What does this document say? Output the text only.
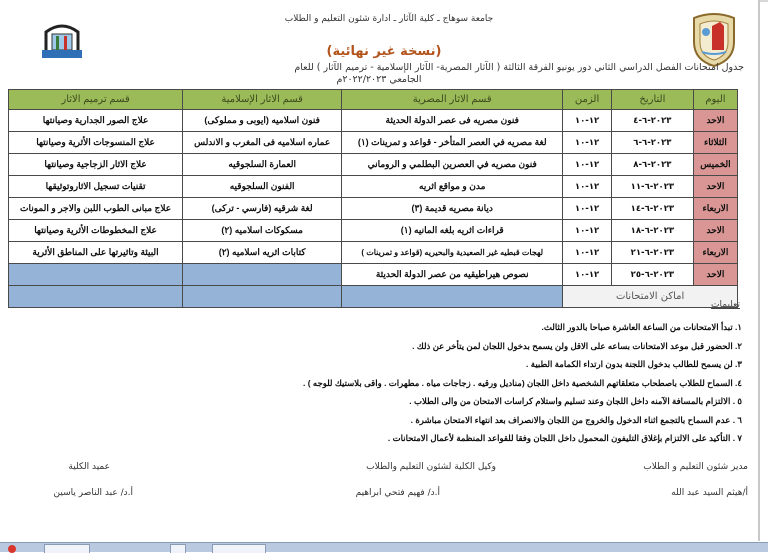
جامعة سوهاج ـ كلية الآثار ـ ادارة شئون التعليم و الطلاب
(نسخة غير نهائية)
جدول امتحانات الفصل الدراسي الثاني دور يونيو الفرقة الثالثة ( الآثار المصرية- الآثار الإسلامية - ترميم الآثار ) للعام
الجامعي ٢٠٢٢/٢٠٢٣م
اليوم	التاريخ	الزمن	قسم الاثار المصرية	قسم الاثار الإسلامية	قسم ترميم الاثار
الاحد	٢٠٢٣-٦-٤	١٢-١٠	فنون مصريه فى عصر الدولة الحديثة	فنون اسلاميه (ايوبى و مملوكى)	علاج الصور الجدارية وصيانتها
الثلاثاء	٢٠٢٣-٦-٦	١٢-١٠	لغة مصريه في العصر المتأخر - قواعد و تمرينات (١)	عماره اسلاميه فى المغرب و الاندلس	علاج المنسوجات الأثرية وصيانتها
الخميس	٢٠٢٣-٦-٨	١٢-١٠	فنون مصريه في العصرين البطلمي و الروماني	العمارة السلجوقيه	علاج الاثار الزجاجية وصيانتها
الاحد	٢٠٢٣-٦-١١	١٢-١٠	مدن و مواقع اثريه	الفنون السلجوقيه	تقنيات تسجيل الاثاروتوثيقها
الاربعاء	٢٠٢٣-٦-١٤	١٢-١٠	ديانة مصريه قديمة (٣)	لغة شرقيه (فارسي - تركى)	علاج مبانى الطوب اللبن والاجر و المونات
الاحد	٢٠٢٣-٦-١٨	١٢-١٠	قراءات اثريه بلغه المانيه (١)	مسكوكات اسلاميه (٢)	علاج المخطوطات الأثرية وصيانتها
الاربعاء	٢٠٢٣-٦-٢١	١٢-١٠	لهجات قبطيه غير الصعيدية والبحيريه (قواعد و تمرينات )	كتابات اثريه اسلاميه (٢)	البيئة وتاثيرتها على المناطق الأثرية
الاحد	٢٠٢٣-٦-٢٥	١٢-١٠	نصوص هيراطيقيه من عصر الدولة الحديثة		
اماكن الامتحانات					
تعليمات
١. تبدأ الامتحانات من الساعة العاشرة صباحا بالدور الثالث.
٢. الحضور قبل موعد الامتحانات بساعه على الاقل ولن يسمح بدخول اللجان لمن يتأخر عن ذلك .
٣. لن يسمح للطالب بدخول اللجنة بدون ارتداء الكمامة الطبية .
٤. السماح للطلاب باصطحاب متعلقاتهم الشخصية داخل اللجان (مناديل ورقيه . زجاجات مياه . مطهرات . واقى بلاستيك للوجه ) .
٥ . الالتزام بالمسافة الآمنه داخل اللجان وعند تسليم واستلام كراسات الامتحان من والى الطلاب .
٦ . عدم السماح بالتجمع اثناء الدخول والخروج من اللجان والانصراف بعد انتهاء الامتحان مباشرة .
٧ . التأكيد على الالتزام بإغلاق التليفون المحمول داخل اللجان وفقا للقواعد المنظمة لأعمال الامتحانات .
مدير شئون التعليم و الطلاب
أ/هيثم السيد عبد الله
وكيل الكلية لشئون التعليم والطلاب
أ.د/ فهيم فتحي ابراهيم
عميد الكلية
أ.د/ عبد الناصر ياسين
